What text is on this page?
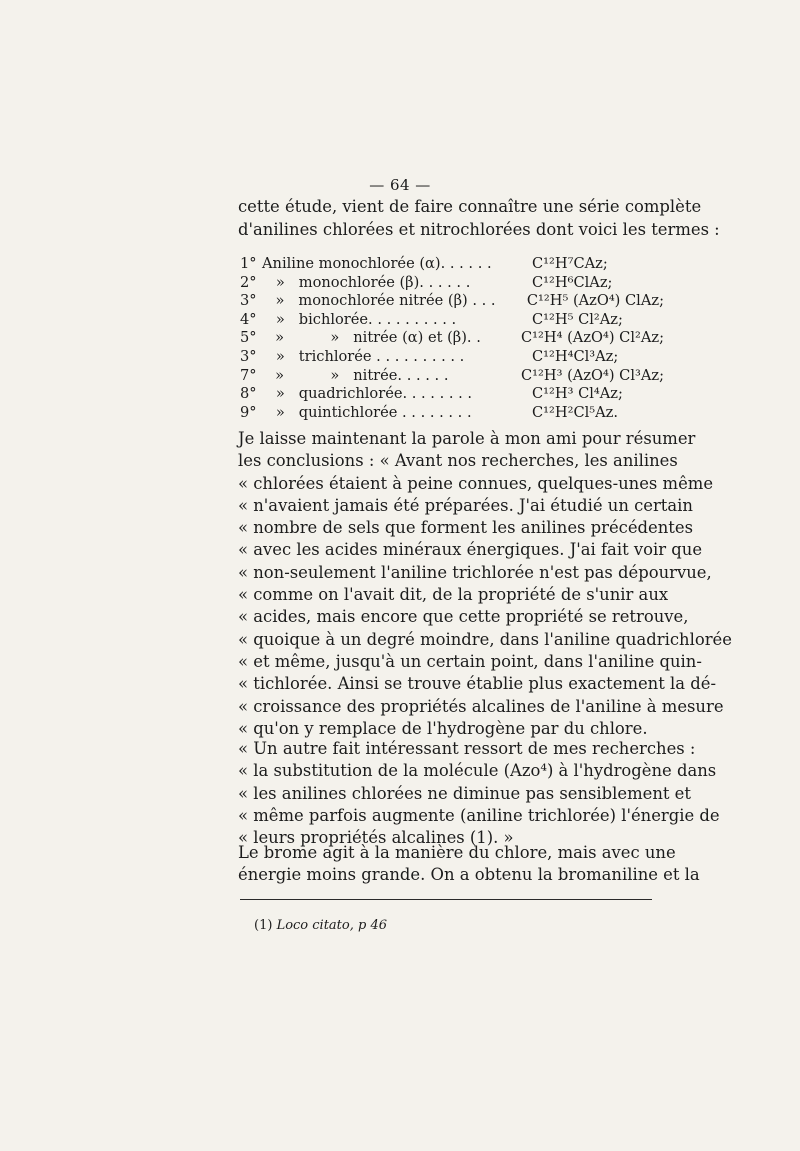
— 64 —
cette étude, vient de faire connaître une série complète
d'anilines chlorées et nitrochlorées dont voici les termes :
1° Aniline monochlorée (α). . . . . .	C¹²H⁷CAz;
2° »   monochlorée (β). . . . . .	C¹²H⁶ClAz;
3° »   monochlorée nitrée (β) . . .	C¹²H⁵ (AzO⁴) ClAz;
4° »   bichlorée. . . . . . . . . .	C¹²H⁵ Cl²Az;
5° »          »   nitrée (α) et (β). .	C¹²H⁴ (AzO⁴) Cl²Az;
3° »   trichlorée . . . . . . . . . .	C¹²H⁴Cl³Az;
7° »          »   nitrée. . . . . .	C¹²H³ (AzO⁴) Cl³Az;
8° »   quadrichlorée. . . . . . . .	C¹²H³ Cl⁴Az;
9° »   quintichlorée . . . . . . . .	C¹²H²Cl⁵Az.
Je laisse maintenant la parole à mon ami pour résumer
les conclusions : « Avant nos recherches, les anilines
« chlorées étaient à peine connues, quelques-unes même
« n'avaient jamais été préparées. J'ai étudié un certain
« nombre de sels que forment les anilines précédentes
« avec les acides minéraux énergiques. J'ai fait voir que
« non-seulement l'aniline trichlorée n'est pas dépourvue,
« comme on l'avait dit, de la propriété de s'unir aux
« acides, mais encore que cette propriété se retrouve,
« quoique à un degré moindre, dans l'aniline quadrichlorée
« et même, jusqu'à un certain point, dans l'aniline quin-
« tichlorée. Ainsi se trouve établie plus exactement la dé-
« croissance des propriétés alcalines de l'aniline à mesure
« qu'on y remplace de l'hydrogène par du chlore.
« Un autre fait intéressant ressort de mes recherches :
« la substitution de la molécule (Azo⁴) à l'hydrogène dans
« les anilines chlorées ne diminue pas sensiblement et
« même parfois augmente (aniline trichlorée) l'énergie de
« leurs propriétés alcalines (1). »
Le brome agit à la manière du chlore, mais avec une
énergie moins grande. On a obtenu la bromaniline et la
(1) Loco citato, p 46
